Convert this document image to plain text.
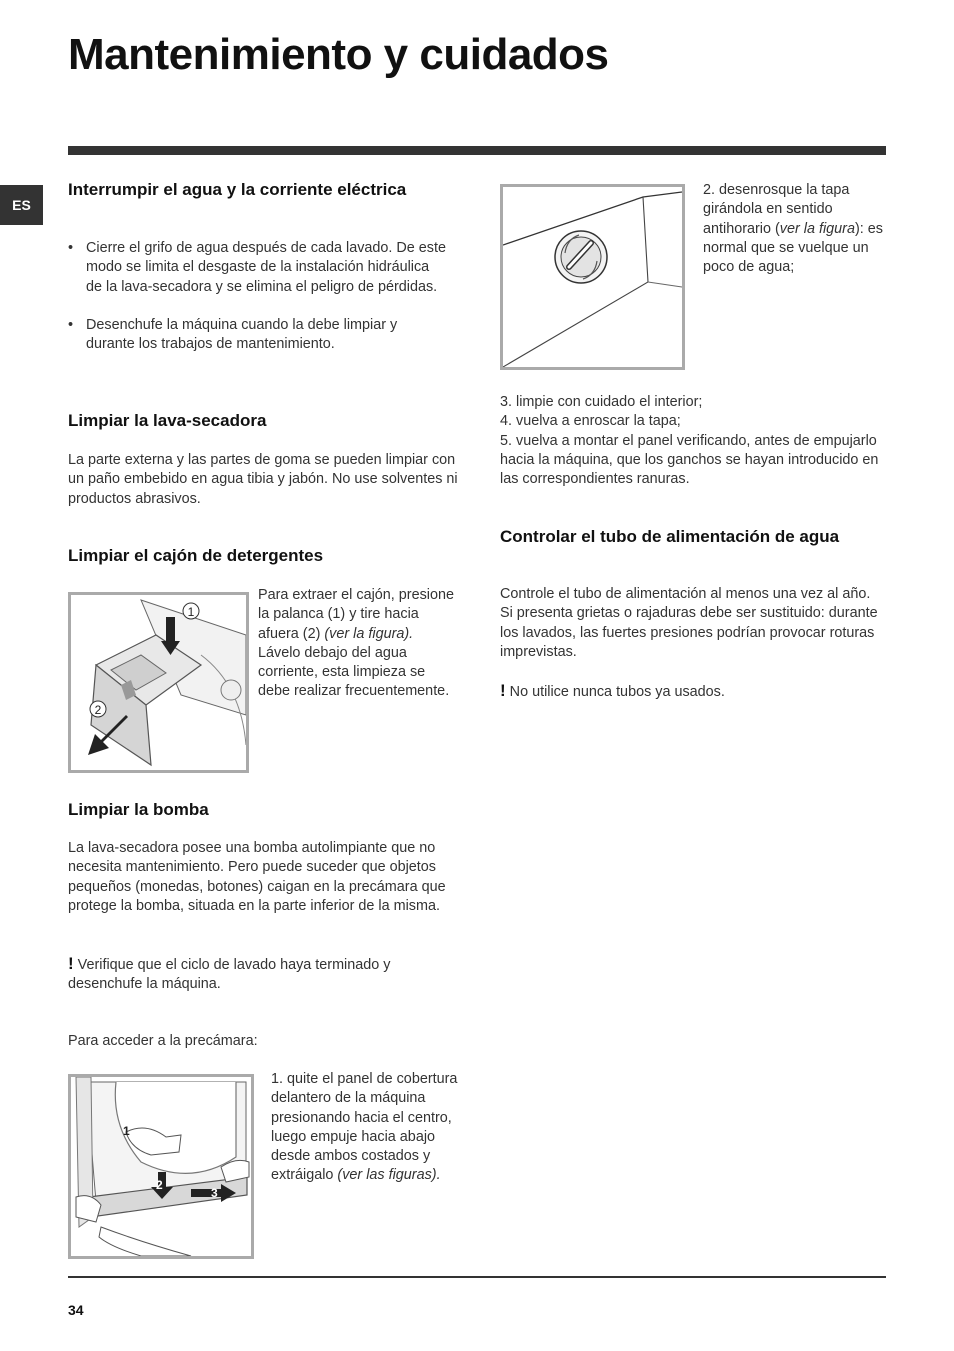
Mantenimiento y cuidados
ES
Interrumpir el agua y la corriente eléctrica
• Cierre el grifo de agua después de cada lavado. De este modo se limita el desgaste de la instalación hidráulica de la lava-secadora y se elimina el peligro de pérdidas.
• Desenchufe la máquina cuando la debe limpiar y durante los trabajos de mantenimiento.
Limpiar la lava-secadora

La parte externa y las partes de goma se pueden limpiar con un paño embebido en agua tibia y jabón. No use solventes ni productos abrasivos.

Limpiar el cajón de detergentes
1
2

Para extraer el cajón, presione la palanca (1) y tire hacia afuera (2) (ver la figura).
Lávelo debajo del agua corriente, esta limpieza se debe realizar frecuentemente.

Limpiar la bomba

La lava-secadora posee una bomba autolimpiante que no necesita mantenimiento. Pero puede suceder que objetos pequeños (monedas, botones) caigan en la precámara que protege la bomba, situada en la parte inferior de la misma.

! Verifique que el ciclo de lavado haya terminado y desenchufe la máquina.

Para acceder a la precámara:

1
2
3

1. quite el panel de cobertura delantero de la máquina presionando hacia el centro, luego empuje hacia abajo desde ambos costados y extráigalo (ver las figuras).

2. desenrosque la tapa girándola en sentido antihorario (ver la figura): es normal que se vuelque un poco de agua;

3. limpie con cuidado el interior;

4. vuelva a enroscar la tapa;

5. vuelva a montar el panel verificando, antes de empujarlo hacia la máquina, que los ganchos se hayan introducido en las correspondientes ranuras.

Controlar el tubo de alimentación de agua

Controle el tubo de alimentación al menos una vez al año. Si presenta grietas o rajaduras debe ser sustituido: durante los lavados, las fuertes presiones podrían provocar roturas imprevistas.

! No utilice nunca tubos ya usados.

34
